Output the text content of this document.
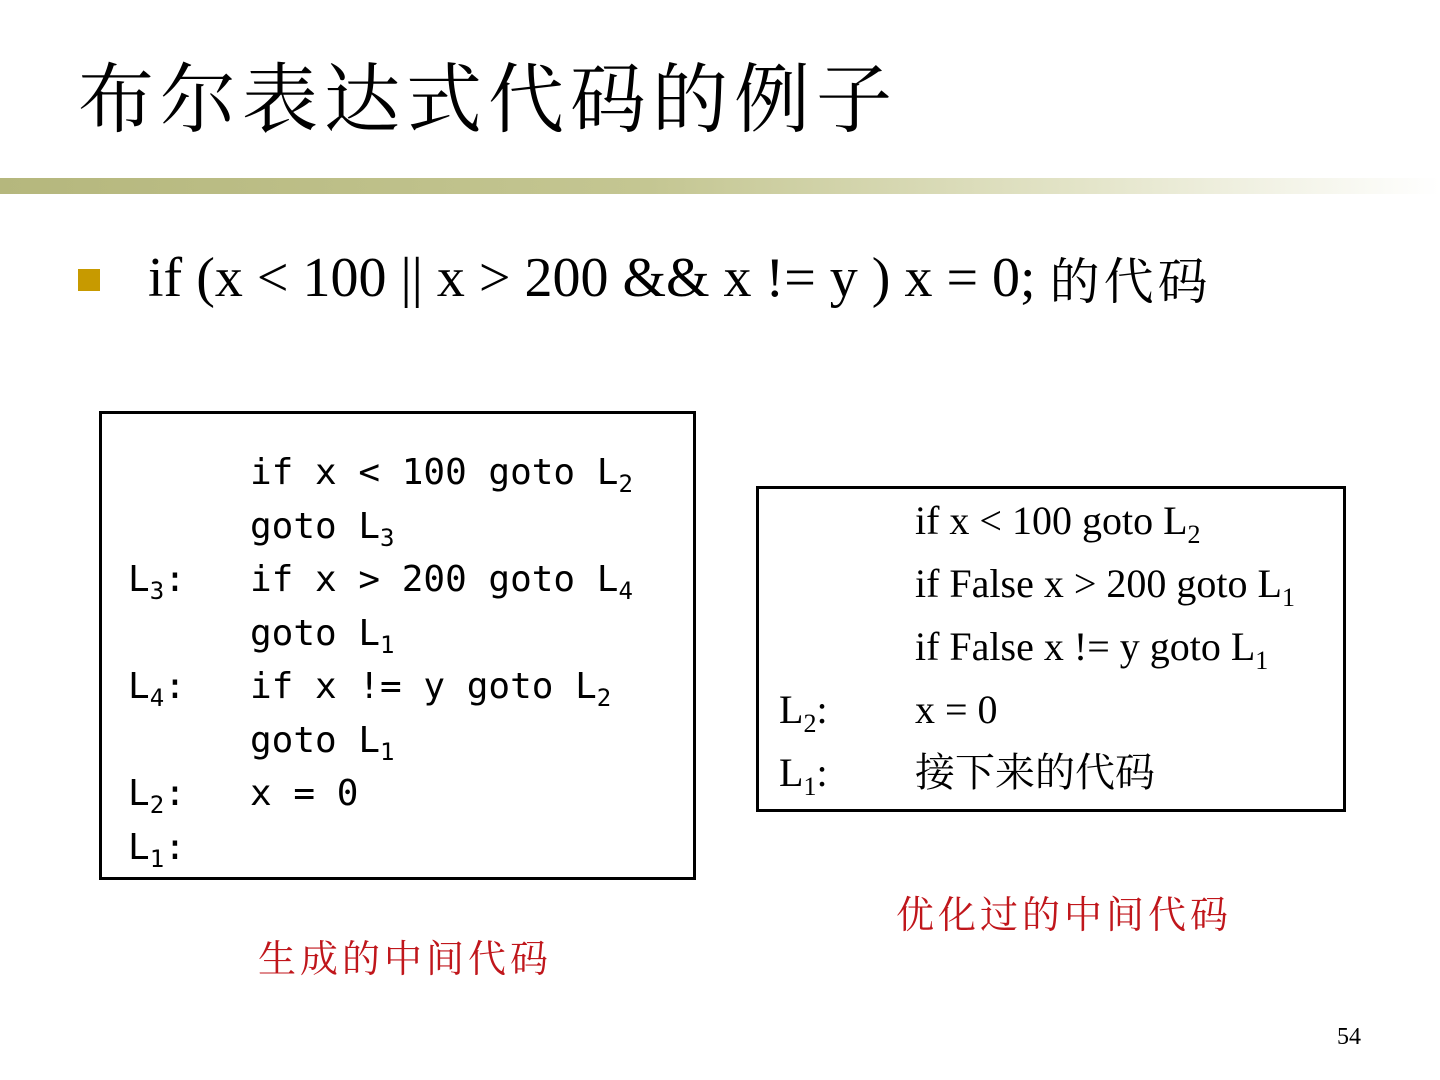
布尔表达式代码的例子
if (x < 100 || x > 200 && x != y ) x = 0; 的代码
$L_3$:
$L_4$:
$L_2$:
$L_1$:
if x < 100 goto $L_2$
goto $L_3$
if x > 200 goto $L_4$
goto $L_1$
if x != y goto $L_2$
goto $L_1$
x = 0
$L_2$:
$L_1$:
if x < 100 goto $L_2$
if False x > 200 goto $L_1$
if False x != y goto $L_1$
x = 0
接下来的代码
生成的中间代码
优化过的中间代码
54
